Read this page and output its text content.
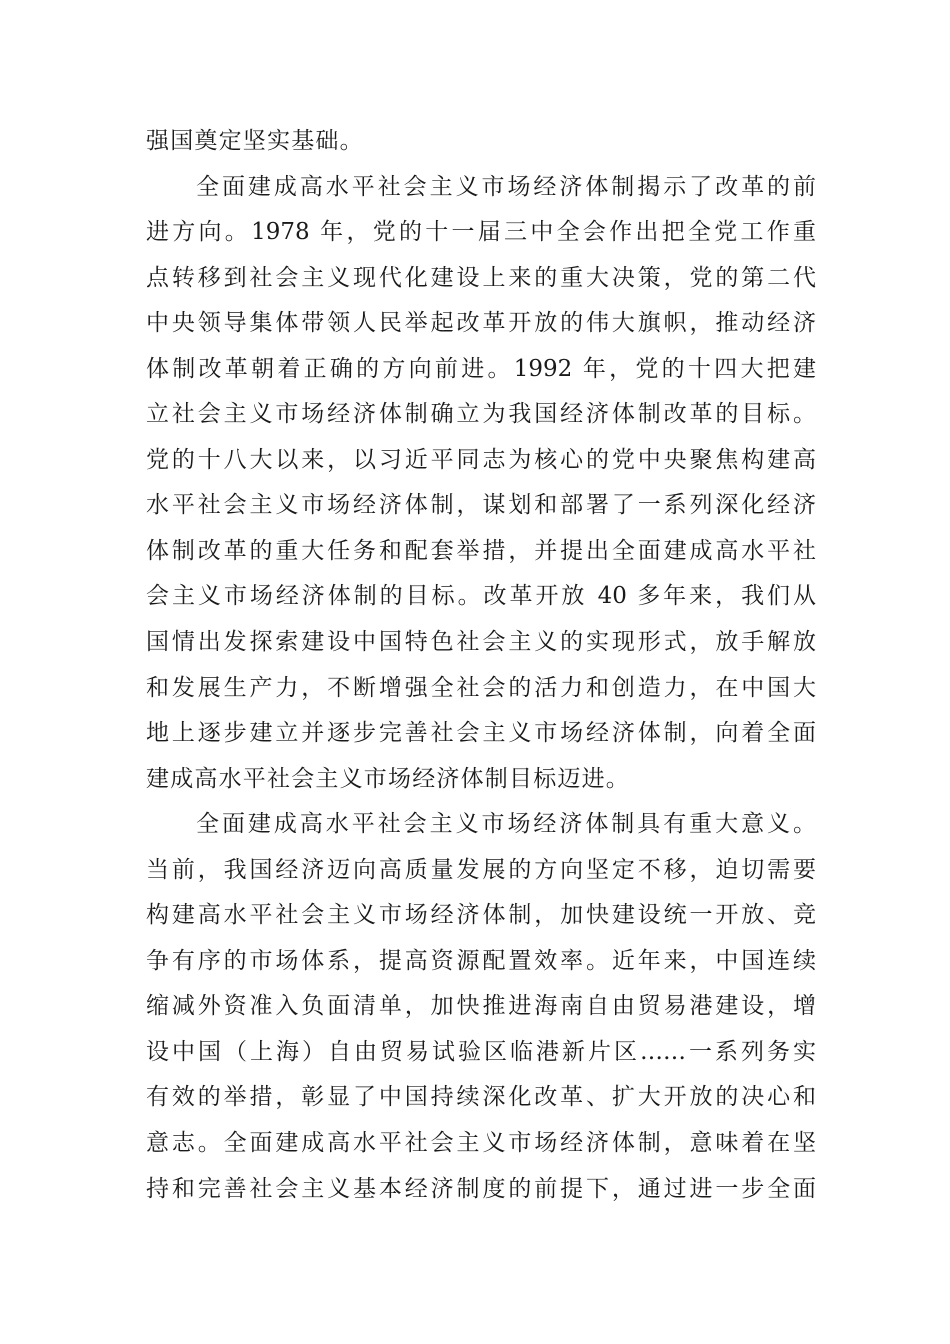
强国奠定坚实基础。
全面建成高水平社会主义市场经济体制揭示了改革的前
进方向。1978 年，党的十一届三中全会作出把全党工作重
点转移到社会主义现代化建设上来的重大决策，党的第二代
中央领导集体带领人民举起改革开放的伟大旗帜，推动经济
体制改革朝着正确的方向前进。1992 年，党的十四大把建
立社会主义市场经济体制确立为我国经济体制改革的目标。
党的十八大以来，以习近平同志为核心的党中央聚焦构建高
水平社会主义市场经济体制，谋划和部署了一系列深化经济
体制改革的重大任务和配套举措，并提出全面建成高水平社
会主义市场经济体制的目标。改革开放 40 多年来，我们从
国情出发探索建设中国特色社会主义的实现形式，放手解放
和发展生产力，不断增强全社会的活力和创造力，在中国大
地上逐步建立并逐步完善社会主义市场经济体制，向着全面
建成高水平社会主义市场经济体制目标迈进。
全面建成高水平社会主义市场经济体制具有重大意义。
当前，我国经济迈向高质量发展的方向坚定不移，迫切需要
构建高水平社会主义市场经济体制，加快建设统一开放、竞
争有序的市场体系，提高资源配置效率。近年来，中国连续
缩减外资准入负面清单，加快推进海南自由贸易港建设，增
设中国（上海）自由贸易试验区临港新片区……一系列务实
有效的举措，彰显了中国持续深化改革、扩大开放的决心和
意志。全面建成高水平社会主义市场经济体制，意味着在坚
持和完善社会主义基本经济制度的前提下，通过进一步全面
